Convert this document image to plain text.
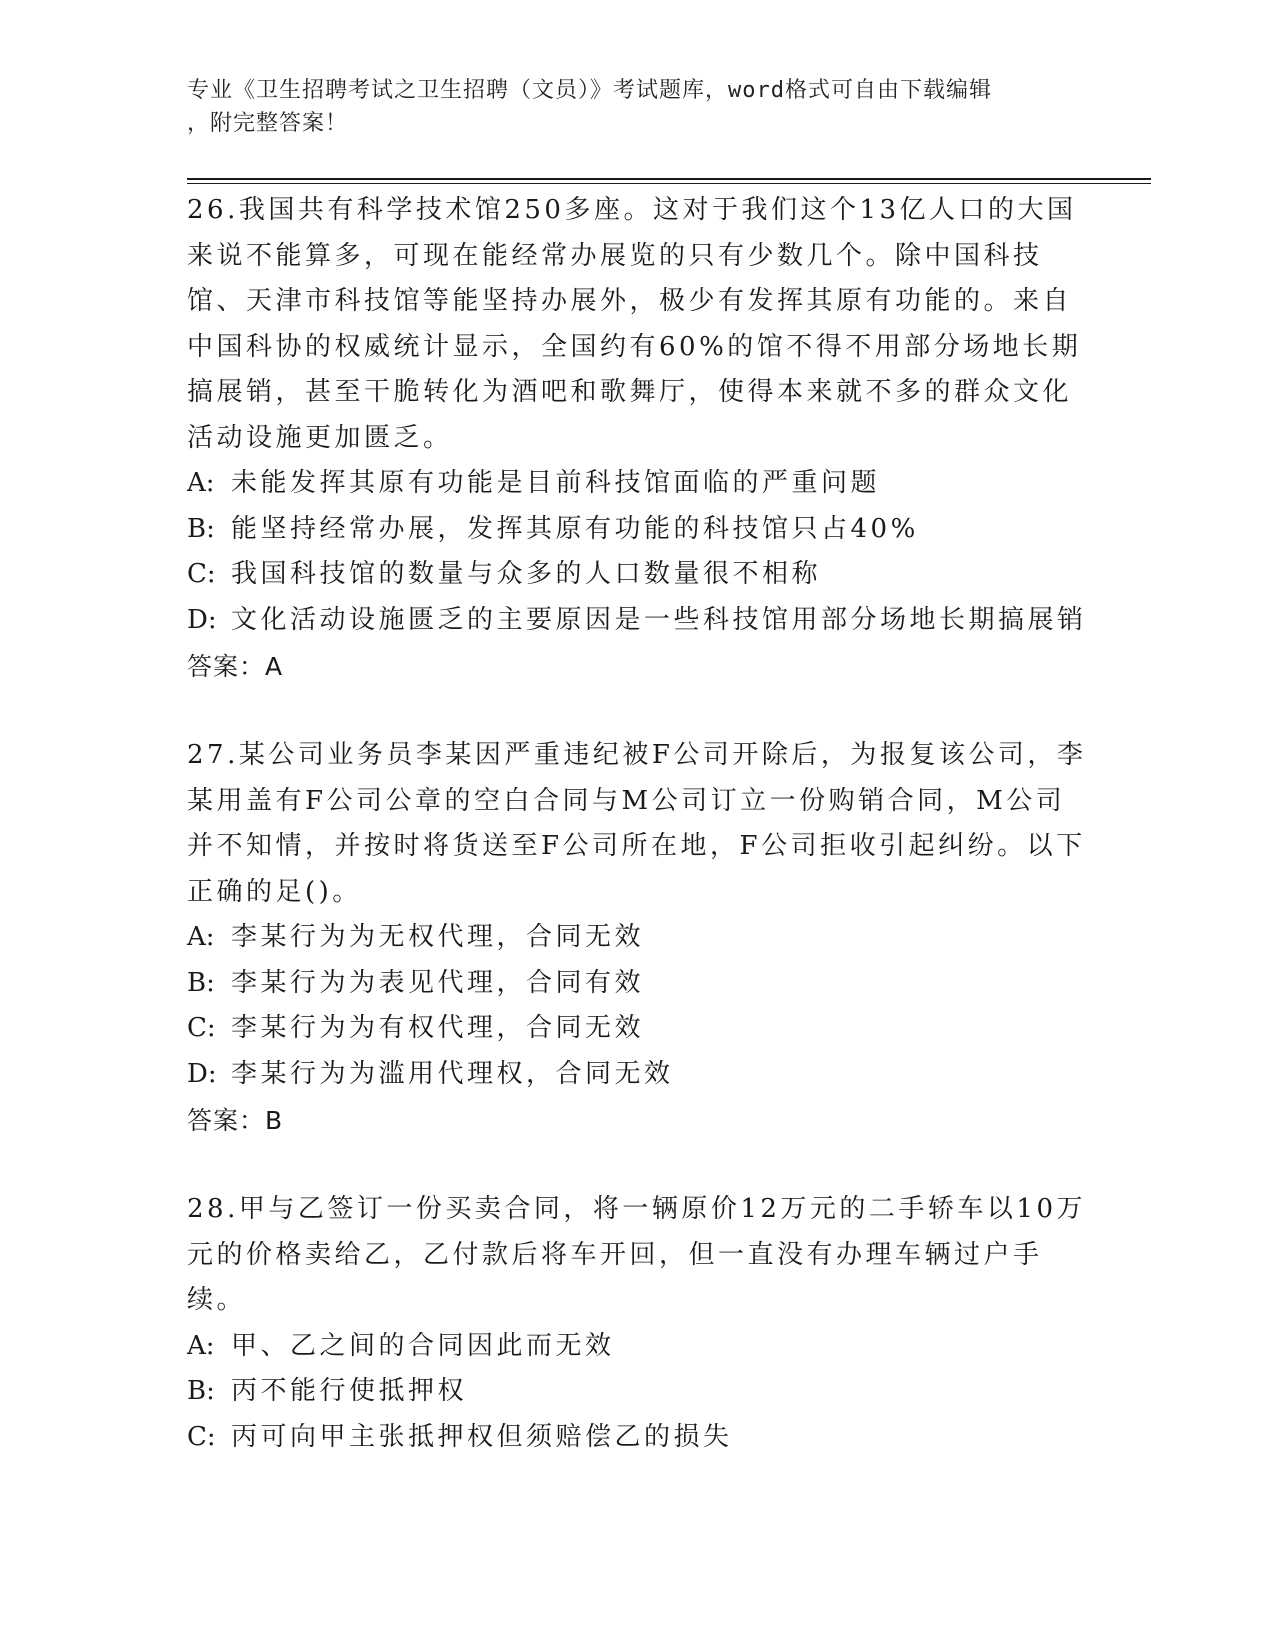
专业《卫生招聘考试之卫生招聘（文员）》考试题库，word格式可自由下载编辑
，附完整答案！
26.我国共有科学技术馆250多座。这对于我们这个13亿人口的大国来说不能算多，可现在能经常办展览的只有少数几个。除中国科技馆、天津市科技馆等能坚持办展外，极少有发挥其原有功能的。来自中国科协的权威统计显示，全国约有60%的馆不得不用部分场地长期搞展销，甚至干脆转化为酒吧和歌舞厅，使得本来就不多的群众文化活动设施更加匮乏。
A: 未能发挥其原有功能是目前科技馆面临的严重问题
B: 能坚持经常办展，发挥其原有功能的科技馆只占40%
C: 我国科技馆的数量与众多的人口数量很不相称
D: 文化活动设施匮乏的主要原因是一些科技馆用部分场地长期搞展销
答案：A
27.某公司业务员李某因严重违纪被F公司开除后，为报复该公司，李某用盖有F公司公章的空白合同与M公司订立一份购销合同，M公司并不知情，并按时将货送至F公司所在地，F公司拒收引起纠纷。以下正确的足()。
A: 李某行为为无权代理，合同无效
B: 李某行为为表见代理，合同有效
C: 李某行为为有权代理，合同无效
D: 李某行为为滥用代理权，合同无效
答案：B
28.甲与乙签订一份买卖合同，将一辆原价12万元的二手轿车以10万元的价格卖给乙，乙付款后将车开回，但一直没有办理车辆过户手续。
A: 甲、乙之间的合同因此而无效
B: 丙不能行使抵押权
C: 丙可向甲主张抵押权但须赔偿乙的损失
